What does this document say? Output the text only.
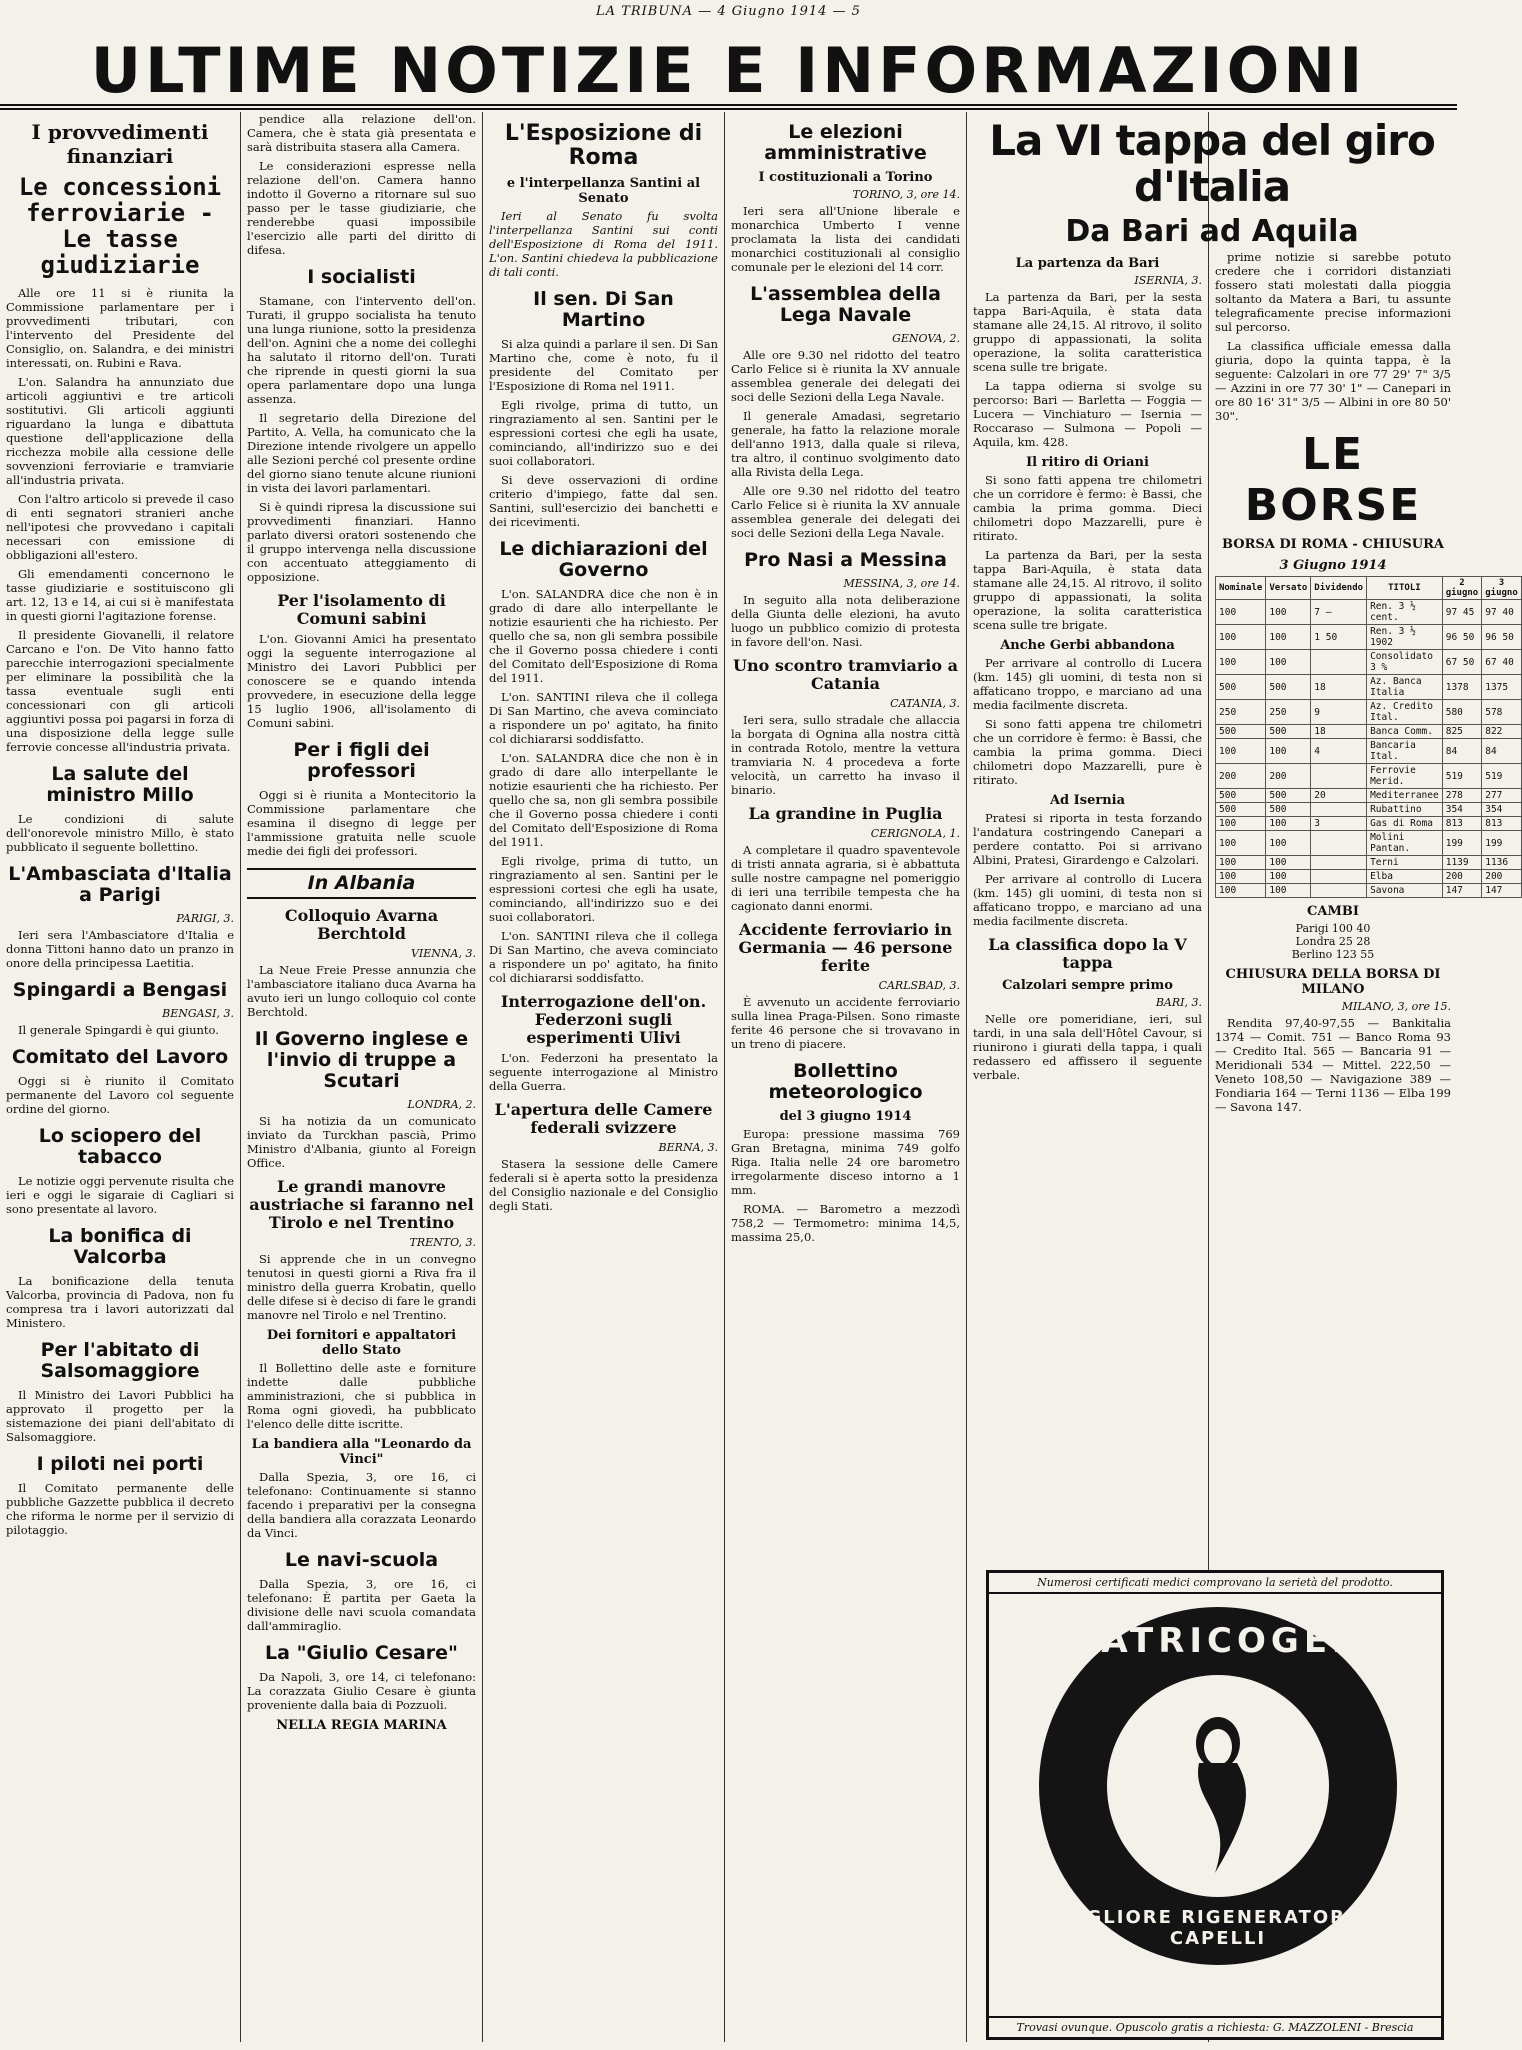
LA TRIBUNA — 4 Giugno 1914 — 5
ULTIME NOTIZIE E INFORMAZIONI
I provvedimenti finanziari
Le concessioni ferroviarie - Le tasse giudiziarie

Alle ore 11 si è riunita la Commissione parlamentare per i provvedimenti tributari, con l'intervento del Presidente del Consiglio, on. Salandra, e dei ministri interessati, on. Rubini e Rava.

L'on. Salandra ha annunziato due articoli aggiuntivi e tre articoli sostitutivi. Gli articoli aggiunti riguardano la lunga e dibattuta questione dell'applicazione della ricchezza mobile alla cessione delle sovvenzioni ferroviarie e tramviarie all'industria privata.

Con l'altro articolo si prevede il caso di enti segnatori stranieri anche nell'ipotesi che provvedano i capitali necessari con emissione di obbligazioni all'estero.

Gli emendamenti concernono le tasse giudiziarie e sostituiscono gli art. 12, 13 e 14, ai cui si è manifestata in questi giorni l'agitazione forense.

Il presidente Giovanelli, il relatore Carcano e l'on. De Vito hanno fatto parecchie interrogazioni specialmente per eliminare la possibilità che la tassa eventuale sugli enti concessionari con gli articoli aggiuntivi possa poi pagarsi in forza di una disposizione della legge sulle ferrovie concesse all'industria privata.

La salute del ministro Millo

Le condizioni di salute dell'onorevole ministro Millo, è stato pubblicato il seguente bollettino.

L'Ambasciata d'Italia a Parigi
PARIGI, 3.

Ieri sera l'Ambasciatore d'Italia e donna Tittoni hanno dato un pranzo in onore della principessa Laetitia.

Spingardi a Bengasi
BENGASI, 3.

Il generale Spingardi è qui giunto.

Comitato del Lavoro

Oggi si è riunito il Comitato permanente del Lavoro col seguente ordine del giorno.

Lo sciopero del tabacco

Le notizie oggi pervenute risulta che ieri e oggi le sigaraie di Cagliari si sono presentate al lavoro.

La bonifica di Valcorba

La bonificazione della tenuta Valcorba, provincia di Padova, non fu compresa tra i lavori autorizzati dal Ministero.

Per l'abitato di Salsomaggiore

Il Ministro dei Lavori Pubblici ha approvato il progetto per la sistemazione dei piani dell'abitato di Salsomaggiore.

I piloti nei porti

Il Comitato permanente delle pubbliche Gazzette pubblica il decreto che riforma le norme per il servizio di pilotaggio.

pendice alla relazione dell'on. Camera, che è stata già presentata e sarà distribuita stasera alla Camera.

Le considerazioni espresse nella relazione dell'on. Camera hanno indotto il Governo a ritornare sul suo passo per le tasse giudiziarie, che renderebbe quasi impossibile l'esercizio alle parti del diritto di difesa.

I socialisti

Stamane, con l'intervento dell'on. Turati, il gruppo socialista ha tenuto una lunga riunione, sotto la presidenza dell'on. Agnini che a nome dei colleghi ha salutato il ritorno dell'on. Turati che riprende in questi giorni la sua opera parlamentare dopo una lunga assenza.

Il segretario della Direzione del Partito, A. Vella, ha comunicato che la Direzione intende rivolgere un appello alle Sezioni perché col presente ordine del giorno siano tenute alcune riunioni in vista dei lavori parlamentari.

Si è quindi ripresa la discussione sui provvedimenti finanziari. Hanno parlato diversi oratori sostenendo che il gruppo intervenga nella discussione con accentuato atteggiamento di opposizione.

Per l'isolamento di Comuni sabini

L'on. Giovanni Amici ha presentato oggi la seguente interrogazione al Ministro dei Lavori Pubblici per conoscere se e quando intenda provvedere, in esecuzione della legge 15 luglio 1906, all'isolamento di Comuni sabini.

Per i figli dei professori

Oggi si è riunita a Montecitorio la Commissione parlamentare che esamina il disegno di legge per l'ammissione gratuita nelle scuole medie dei figli dei professori.

In Albania
Colloquio Avarna Berchtold
VIENNA, 3.

La Neue Freie Presse annunzia che l'ambasciatore italiano duca Avarna ha avuto ieri un lungo colloquio col conte Berchtold.

Il Governo inglese e l'invio di truppe a Scutari
LONDRA, 2.

Si ha notizia da un comunicato inviato da Turckhan pascià, Primo Ministro d'Albania, giunto al Foreign Office.

Le grandi manovre austriache si faranno nel Tirolo e nel Trentino
TRENTO, 3.

Si apprende che in un convegno tenutosi in questi giorni a Riva fra il ministro della guerra Krobatin, quello delle difese si è deciso di fare le grandi manovre nel Tirolo e nel Trentino.

Dei fornitori e appaltatori dello Stato

Il Bollettino delle aste e forniture indette dalle pubbliche amministrazioni, che si pubblica in Roma ogni giovedì, ha pubblicato l'elenco delle ditte iscritte.

La bandiera alla "Leonardo da Vinci"

Dalla Spezia, 3, ore 16, ci telefonano: Continuamente si stanno facendo i preparativi per la consegna della bandiera alla corazzata Leonardo da Vinci.

Le navi-scuola

Dalla Spezia, 3, ore 16, ci telefonano: È partita per Gaeta la divisione delle navi scuola comandata dall'ammiraglio.

La "Giulio Cesare"

Da Napoli, 3, ore 14, ci telefonano: La corazzata Giulio Cesare è giunta proveniente dalla baia di Pozzuoli.

NELLA REGIA MARINA
L'Esposizione di Roma
e l'interpellanza Santini al Senato

Ieri al Senato fu svolta l'interpellanza Santini sui conti dell'Esposizione di Roma del 1911. L'on. Santini chiedeva la pubblicazione di tali conti.

Il sen. Di San Martino

Si alza quindi a parlare il sen. Di San Martino che, come è noto, fu il presidente del Comitato per l'Esposizione di Roma nel 1911.

Egli rivolge, prima di tutto, un ringraziamento al sen. Santini per le espressioni cortesi che egli ha usate, cominciando, all'indirizzo suo e dei suoi collaboratori.

Si deve osservazioni di ordine criterio d'impiego, fatte dal sen. Santini, sull'esercizio dei banchetti e dei ricevimenti.

Le dichiarazioni del Governo

L'on. SALANDRA dice che non è in grado di dare allo interpellante le notizie esaurienti che ha richiesto. Per quello che sa, non gli sembra possibile che il Governo possa chiedere i conti del Comitato dell'Esposizione di Roma del 1911.

L'on. SANTINI rileva che il collega Di San Martino, che aveva cominciato a rispondere un po' agitato, ha finito col dichiararsi soddisfatto.

L'on. SALANDRA dice che non è in grado di dare allo interpellante le notizie esaurienti che ha richiesto. Per quello che sa, non gli sembra possibile che il Governo possa chiedere i conti del Comitato dell'Esposizione di Roma del 1911.

Egli rivolge, prima di tutto, un ringraziamento al sen. Santini per le espressioni cortesi che egli ha usate, cominciando, all'indirizzo suo e dei suoi collaboratori.

L'on. SANTINI rileva che il collega Di San Martino, che aveva cominciato a rispondere un po' agitato, ha finito col dichiararsi soddisfatto.

Interrogazione dell'on. Federzoni sugli esperimenti Ulivi

L'on. Federzoni ha presentato la seguente interrogazione al Ministro della Guerra.

L'apertura delle Camere federali svizzere
BERNA, 3.

Stasera la sessione delle Camere federali si è aperta sotto la presidenza del Consiglio nazionale e del Consiglio degli Stati.

Le elezioni amministrative
I costituzionali a Torino
TORINO, 3, ore 14.

Ieri sera all'Unione liberale e monarchica Umberto I venne proclamata la lista dei candidati monarchici costituzionali al consiglio comunale per le elezioni del 14 corr.

L'assemblea della Lega Navale
GENOVA, 2.

Alle ore 9.30 nel ridotto del teatro Carlo Felice si è riunita la XV annuale assemblea generale dei delegati dei soci delle Sezioni della Lega Navale.

Il generale Amadasi, segretario generale, ha fatto la relazione morale dell'anno 1913, dalla quale si rileva, tra altro, il continuo svolgimento dato alla Rivista della Lega.

Alle ore 9.30 nel ridotto del teatro Carlo Felice si è riunita la XV annuale assemblea generale dei delegati dei soci delle Sezioni della Lega Navale.

Pro Nasi a Messina
MESSINA, 3, ore 14.

In seguito alla nota deliberazione della Giunta delle elezioni, ha avuto luogo un pubblico comizio di protesta in favore dell'on. Nasi.

Uno scontro tramviario a Catania
CATANIA, 3.

Ieri sera, sullo stradale che allaccia la borgata di Ognina alla nostra città in contrada Rotolo, mentre la vettura tramviaria N. 4 procedeva a forte velocità, un carretto ha invaso il binario.

La grandine in Puglia
CERIGNOLA, 1.

A completare il quadro spaventevole di tristi annata agraria, si è abbattuta sulle nostre campagne nel pomeriggio di ieri una terribile tempesta che ha cagionato danni enormi.

Accidente ferroviario in Germania — 46 persone ferite
CARLSBAD, 3.

È avvenuto un accidente ferroviario sulla linea Praga-Pilsen. Sono rimaste ferite 46 persone che si trovavano in un treno di piacere.

Bollettino meteorologico
del 3 giugno 1914

Europa: pressione massima 769 Gran Bretagna, minima 749 golfo Riga. Italia nelle 24 ore barometro irregolarmente disceso intorno a 1 mm.

ROMA. — Barometro a mezzodì 758,2 — Termometro: minima 14,5, massima 25,0.

La VI tappa del giro d'Italia
Da Bari ad Aquila
La partenza da Bari
ISERNIA, 3.

La partenza da Bari, per la sesta tappa Bari-Aquila, è stata data stamane alle 24,15. Al ritrovo, il solito gruppo di appassionati, la solita operazione, la solita caratteristica scena sulle tre brigate.

La tappa odierna si svolge su percorso: Bari — Barletta — Foggia — Lucera — Vinchiaturo — Isernia — Roccaraso — Sulmona — Popoli — Aquila, km. 428.

Il ritiro di Oriani

Si sono fatti appena tre chilometri che un corridore è fermo: è Bassi, che cambia la prima gomma. Dieci chilometri dopo Mazzarelli, pure è ritirato.

La partenza da Bari, per la sesta tappa Bari-Aquila, è stata data stamane alle 24,15. Al ritrovo, il solito gruppo di appassionati, la solita operazione, la solita caratteristica scena sulle tre brigate.

Anche Gerbi abbandona

Per arrivare al controllo di Lucera (km. 145) gli uomini, di testa non si affaticano troppo, e marciano ad una media facilmente discreta.

Si sono fatti appena tre chilometri che un corridore è fermo: è Bassi, che cambia la prima gomma. Dieci chilometri dopo Mazzarelli, pure è ritirato.

Ad Isernia

Pratesi si riporta in testa forzando l'andatura costringendo Canepari a perdere contatto. Poi si arrivano Albini, Pratesi, Girardengo e Calzolari.

Per arrivare al controllo di Lucera (km. 145) gli uomini, di testa non si affaticano troppo, e marciano ad una media facilmente discreta.

La classifica dopo la V tappa
Calzolari sempre primo
BARI, 3.

Nelle ore pomeridiane, ieri, sul tardi, in una sala dell'Hôtel Cavour, si riunirono i giurati della tappa, i quali redassero ed affissero il seguente verbale.

prime notizie si sarebbe potuto credere che i corridori distanziati fossero stati molestati dalla pioggia soltanto da Matera a Bari, tu assunte telegraficamente precise informazioni sul percorso.

La classifica ufficiale emessa dalla giuria, dopo la quinta tappa, è la seguente: Calzolari in ore 77 29' 7" 3/5 — Azzini in ore 77 30' 1" — Canepari in ore 80 16' 31" 3/5 — Albini in ore 80 50' 30".

LE BORSE
BORSA DI ROMA - CHIUSURA
3 Giugno 1914
Nominale	Versato	Dividendo	TITOLI	2 giugno	3 giugno
100	100	7 —	Ren. 3 ½ cent.	97 45	97 40
100	100	1 50	Ren. 3 ½ 1902	96 50	96 50
100	100		Consolidato 3 %	67 50	67 40
500	500	18	Az. Banca Italia	1378	1375
250	250	9	Az. Credito Ital.	580	578
500	500	18	Banca Comm.	825	822
100	100	4	Bancaria Ital.	84	84
200	200		Ferrovie Merid.	519	519
500	500	20	Mediterranee	278	277
500	500		Rubattino	354	354
100	100	3	Gas di Roma	813	813
100	100		Molini Pantan.	199	199
100	100		Terni	1139	1136
100	100		Elba	200	200
100	100		Savona	147	147
CAMBI
Parigi 100 40
Londra 25 28
Berlino 123 55
CHIUSURA DELLA BORSA DI MILANO
MILANO, 3, ore 15.

Rendita 97,40-97,55 — Bankitalia 1374 — Comit. 751 — Banco Roma 93 — Credito Ital. 565 — Bancaria 91 — Meridionali 534 — Mittel. 222,50 — Veneto 108,50 — Navigazione 389 — Fondiaria 164 — Terni 1136 — Elba 199 — Savona 147.

Numerosi certificati medici comprovano la serietà del prodotto.
ANATRICOGENO
IL MIGLIORE RIGENERATORE DEI CAPELLI
Trovasi ovunque. Opuscolo gratis a richiesta: G. MAZZOLENI - Brescia
